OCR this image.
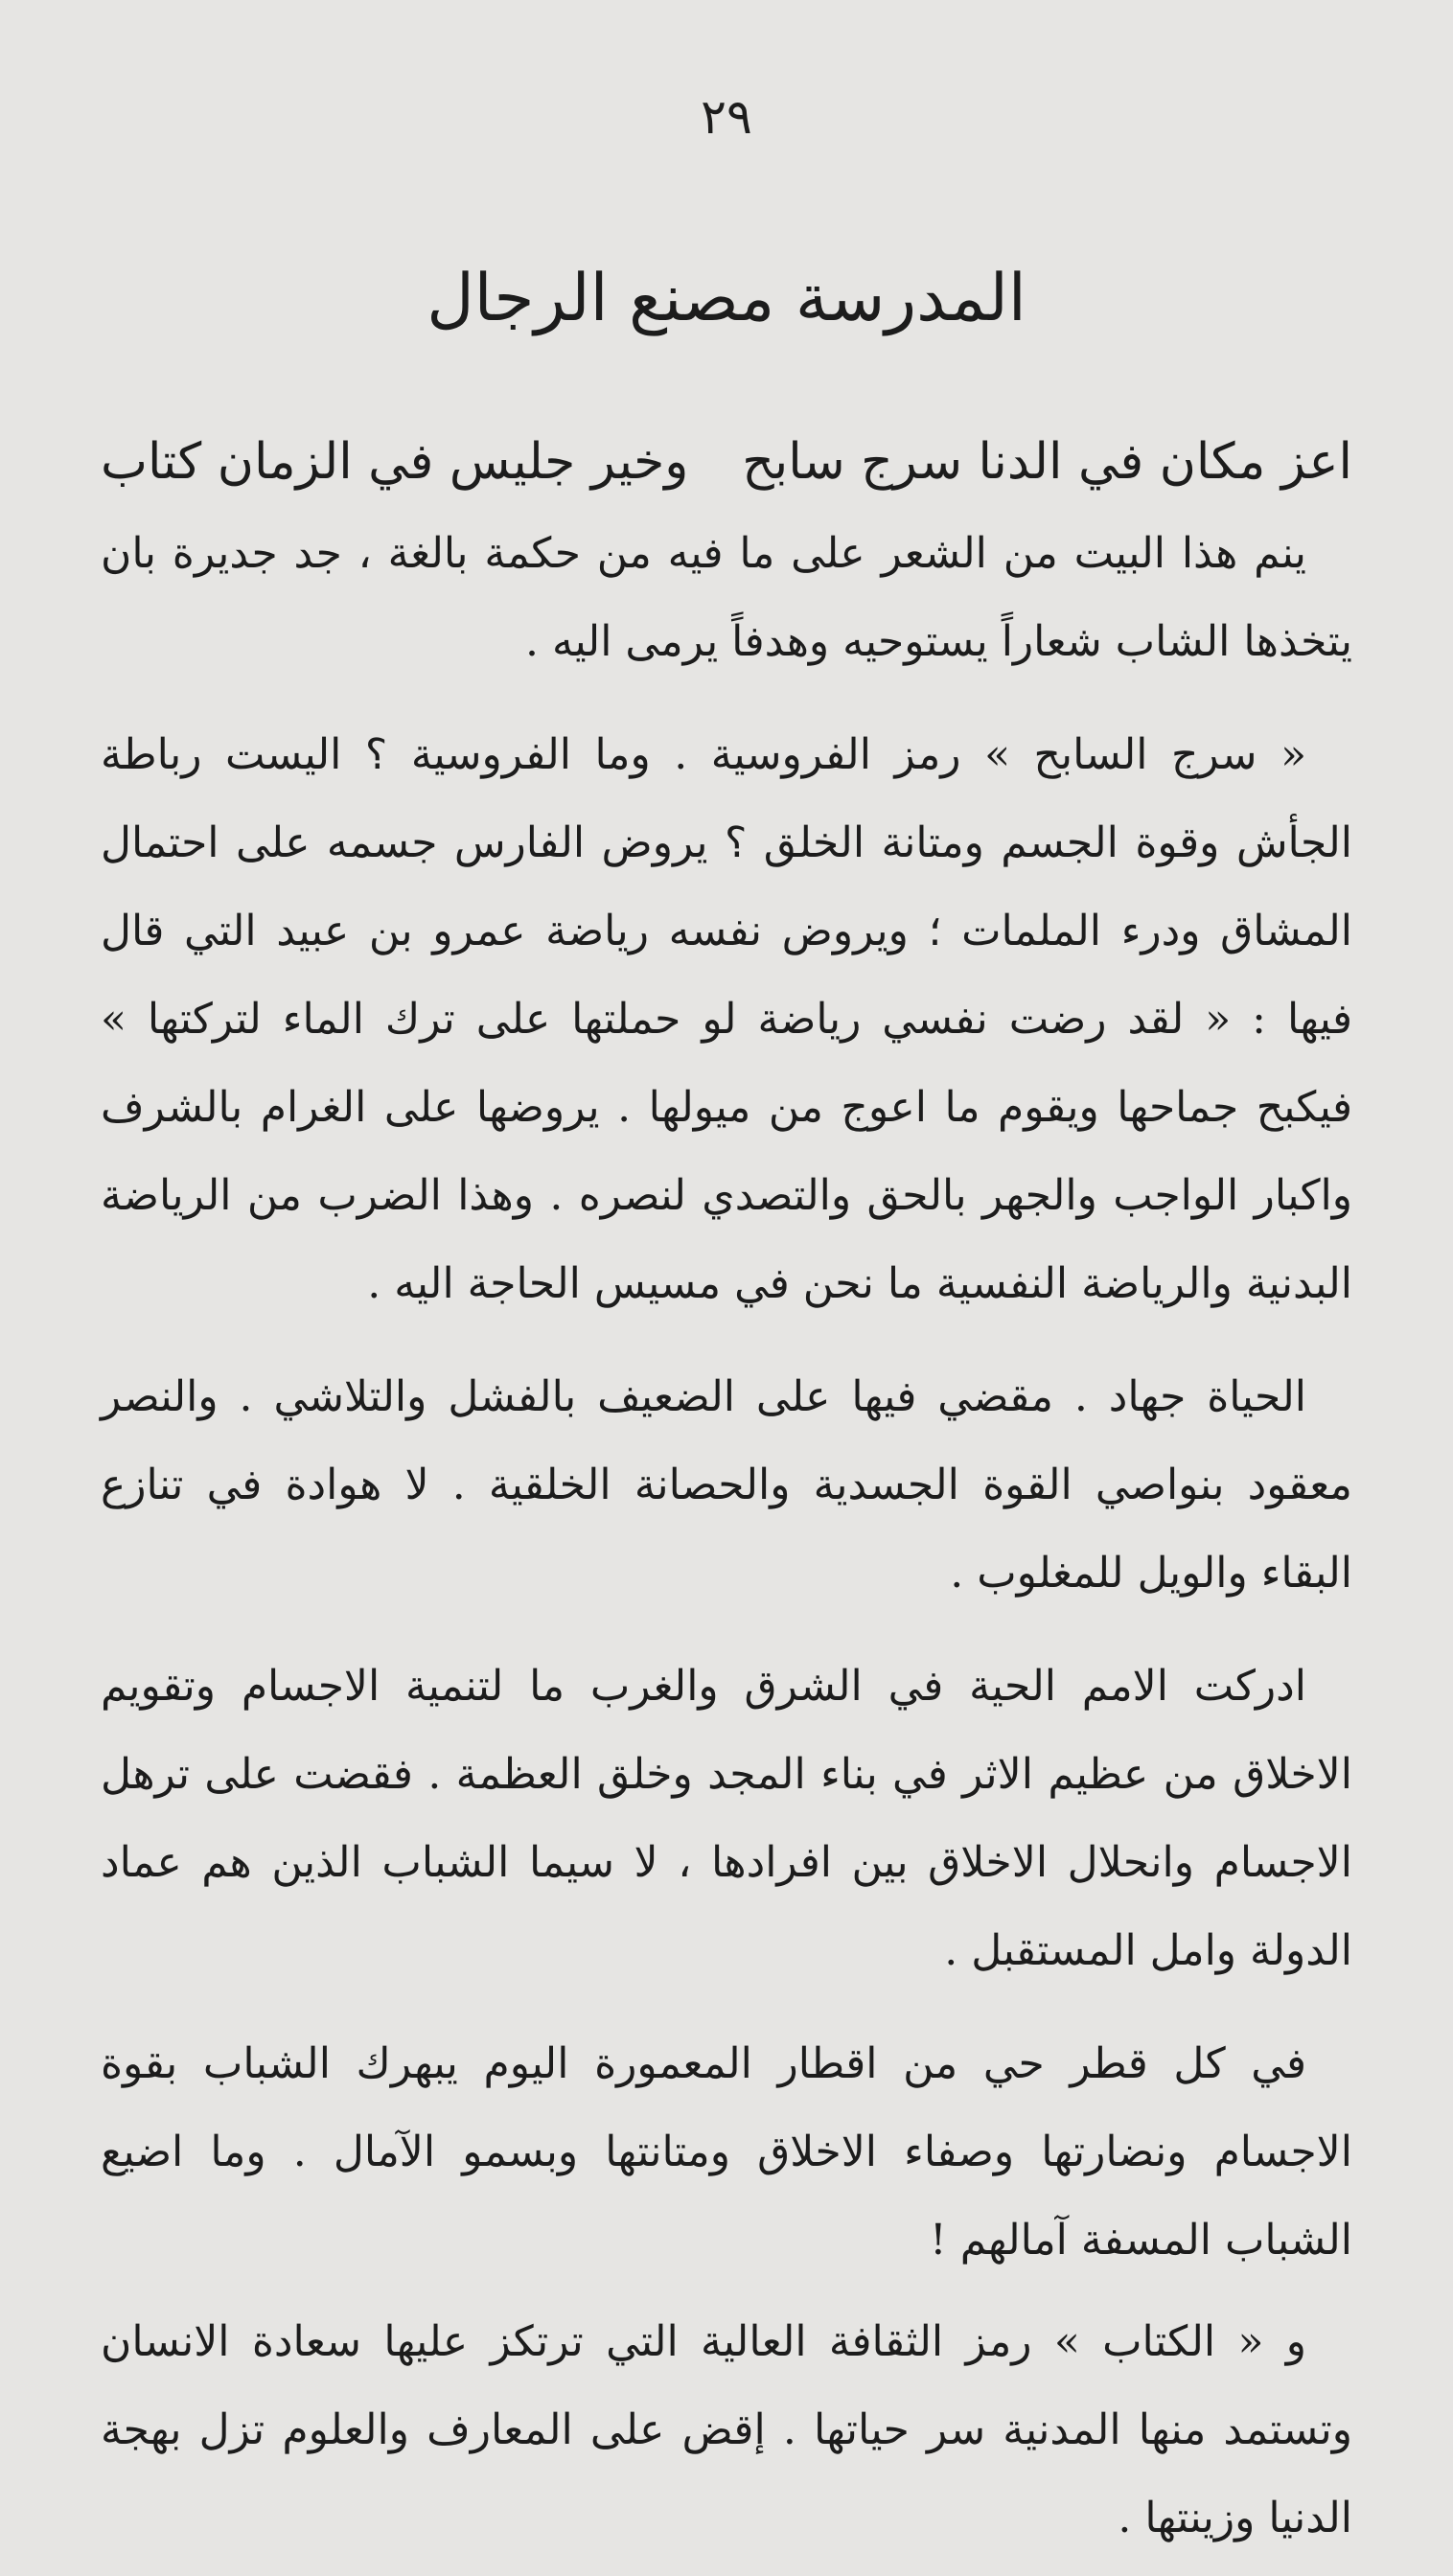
٢٩
المدرسة مصنع الرجال
اعز مكان في الدنا سرج سابح
وخير جليس في الزمان كتاب

ينم هذا البيت من الشعر على ما فيه من حكمة بالغة ، جد جديرة بان يتخذها الشاب شعاراً يستوحيه وهدفاً يرمى اليه .

« سرج السابح » رمز الفروسية . وما الفروسية ؟ اليست رباطة الجأش وقوة الجسم ومتانة الخلق ؟ يروض الفارس جسمه على احتمال المشاق ودرء الملمات ؛ ويروض نفسه رياضة عمرو بن عبيد التي قال فيها : « لقد رضت نفسي رياضة لو حملتها على ترك الماء لتركتها » فيكبح جماحها ويقوم ما اعوج من ميولها . يروضها على الغرام بالشرف واكبار الواجب والجهر بالحق والتصدي لنصره . وهذا الضرب من الرياضة البدنية والرياضة النفسية ما نحن في مسيس الحاجة اليه .

الحياة جهاد . مقضي فيها على الضعيف بالفشل والتلاشي . والنصر معقود بنواصي القوة الجسدية والحصانة الخلقية . لا هوادة في تنازع البقاء والويل للمغلوب .

ادركت الامم الحية في الشرق والغرب ما لتنمية الاجسام وتقويم الاخلاق من عظيم الاثر في بناء المجد وخلق العظمة . فقضت على ترهل الاجسام وانحلال الاخلاق بين افرادها ، لا سيما الشباب الذين هم عماد الدولة وامل المستقبل .

في كل قطر حي من اقطار المعمورة اليوم يبهرك الشباب بقوة الاجسام ونضارتها وصفاء الاخلاق ومتانتها وبسمو الآمال . وما اضيع الشباب المسفة آمالهم !

و « الكتاب » رمز الثقافة العالية التي ترتكز عليها سعادة الانسان وتستمد منها المدنية سر حياتها . إقض على المعارف والعلوم تزل بهجة الدنيا وزينتها .
